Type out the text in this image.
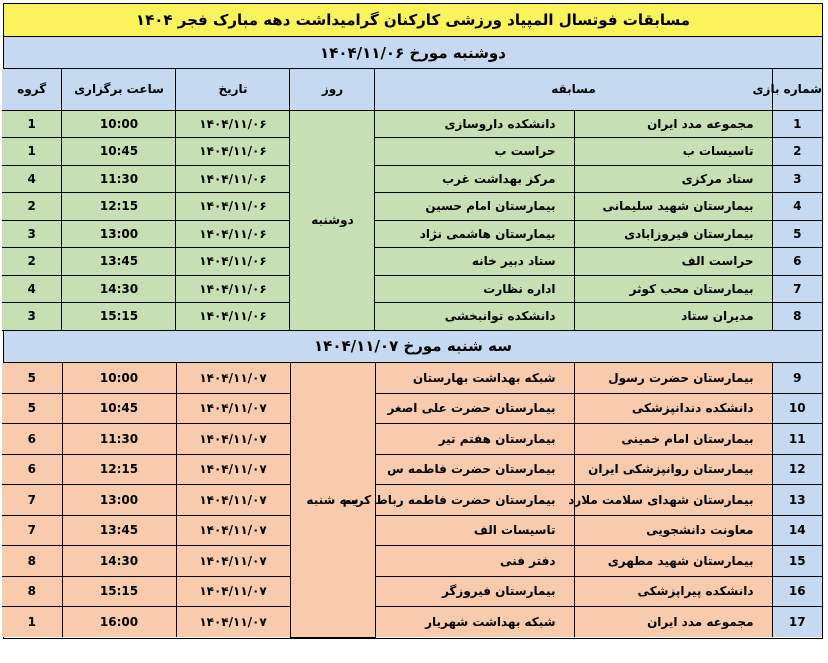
مسابقات فوتسال المپیاد ورزشی کارکنان گرامیداشت دهه مبارک فجر ۱۴۰۴
دوشنبه مورخ ۱۴۰۴/۱۱/۰۶
شماره بازی	مسابقه		روز	تاریخ	ساعت برگزاری	گروه
1	مجموعه مدد ایران	دانشکده داروسازی	دوشنبه	۱۴۰۴/۱۱/۰۶	10:00	1
2	تاسیسات ب	حراست ب		۱۴۰۴/۱۱/۰۶	10:45	1
3	ستاد مرکزی	مرکز بهداشت غرب		۱۴۰۴/۱۱/۰۶	11:30	4
4	بیمارستان شهید سلیمانی	بیمارستان امام حسین		۱۴۰۴/۱۱/۰۶	12:15	2
5	بیمارستان فیروزابادی	بیمارستان هاشمی نژاد		۱۴۰۴/۱۱/۰۶	13:00	3
6	حراست الف	ستاد دبیر خانه		۱۴۰۴/۱۱/۰۶	13:45	2
7	بیمارستان محب کوثر	اداره نظارت		۱۴۰۴/۱۱/۰۶	14:30	4
8	مدیران ستاد	دانشکده توانبخشی		۱۴۰۴/۱۱/۰۶	15:15	3
سه شنبه مورخ ۱۴۰۴/۱۱/۰۷
9	بیمارستان حضرت رسول	شبکه بهداشت بهارستان	سه شنبه	۱۴۰۴/۱۱/۰۷	10:00	5
10	دانشکده دندانپزشکی	بیمارستان حضرت علی اصغر		۱۴۰۴/۱۱/۰۷	10:45	5
11	بیمارستان امام خمینی	بیمارستان هفتم تیر		۱۴۰۴/۱۱/۰۷	11:30	6
12	بیمارستان روانپزشکی ایران	بیمارستان حضرت فاطمه س		۱۴۰۴/۱۱/۰۷	12:15	6
13	بیمارستان شهدای سلامت ملارد	بیمارستان حضرت فاطمه رباط کریم		۱۴۰۴/۱۱/۰۷	13:00	7
14	معاونت دانشجویی	تاسیسات الف		۱۴۰۴/۱۱/۰۷	13:45	7
15	بیمارستان شهید مطهری	دفتر فنی		۱۴۰۴/۱۱/۰۷	14:30	8
16	دانشکده پیراپزشکی	بیمارستان فیروزگر		۱۴۰۴/۱۱/۰۷	15:15	8
17	مجموعه مدد ایران	شبکه بهداشت شهریار		۱۴۰۴/۱۱/۰۷	16:00	1
